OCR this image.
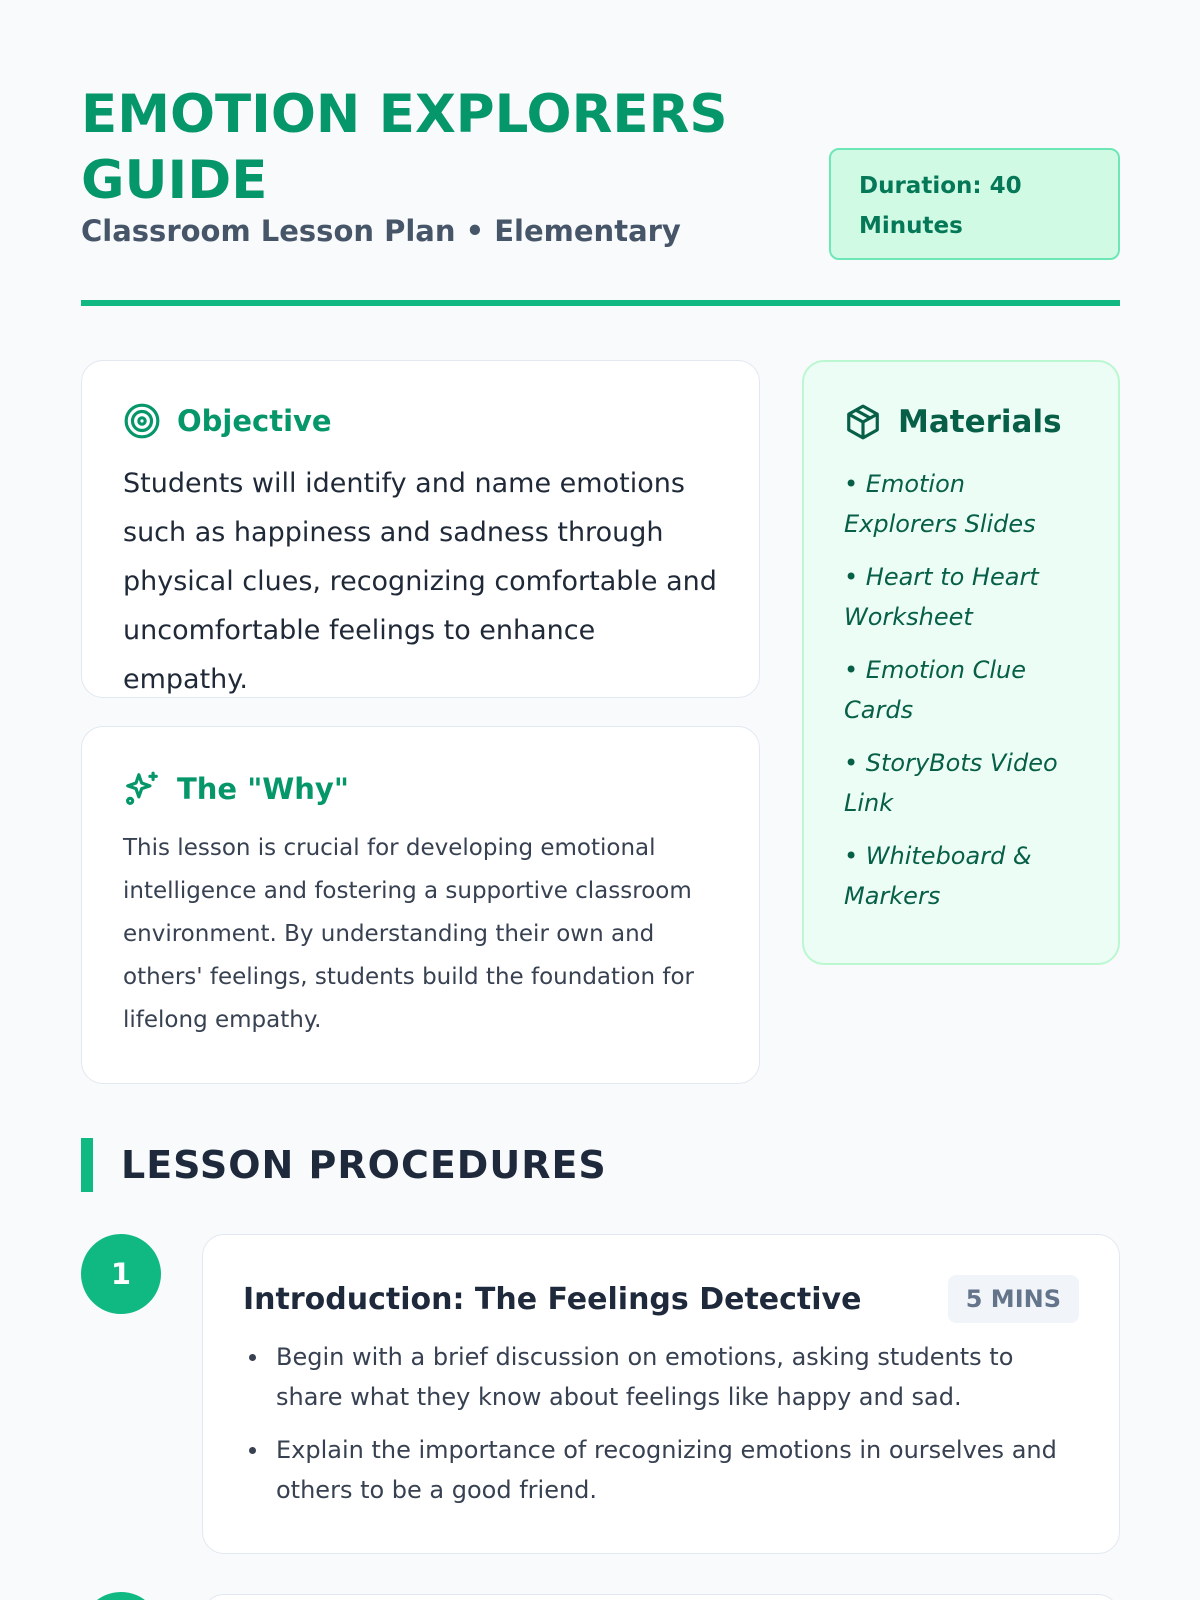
EMOTION EXPLORERS GUIDE
Classroom Lesson Plan • Elementary
Duration: 40 Minutes
Objective

Students will identify and name emotions such as happiness and sadness through physical clues, recognizing comfortable and uncomfortable feelings to enhance empathy.

The "Why"

This lesson is crucial for developing emotional intelligence and fostering a supportive classroom environment. By understanding their own and others' feelings, students build the foundation for lifelong empathy.

Materials
• Emotion Explorers Slides
• Heart to Heart Worksheet
• Emotion Clue Cards
• StoryBots Video Link
• Whiteboard & Markers
LESSON PROCEDURES
1
Introduction: The Feelings Detective	5 MINS
Begin with a brief discussion on emotions, asking students to share what they know about feelings like happy and sad.
Explain the importance of recognizing emotions in ourselves and others to be a good friend.
